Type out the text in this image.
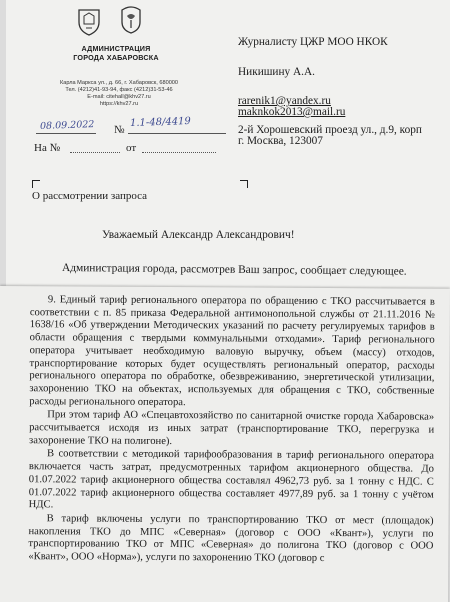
АДМИНИСТРАЦИЯ
ГОРОДА ХАБАРОВСКА
Карла Маркса ул., д. 66, г. Хабаровск, 680000
Тел. (4212)41-93-94, факс (4212)31-53-46
E-mail: citehall@khv27.ru
https://khv27.ru
08.09.2022 №
1.1-48/4419
На №	от
О рассмотрении запроса
Журналисту ЦЖР МОО НКОК
Никишину А.А.
rarenik1@yandex.ru
maknkok2013@mail.ru
2-й Хорошевский проезд ул., д.9, корп
г. Москва, 123007
Уважаемый Александр Александрович!
Администрация города, рассмотрев Ваш запрос, сообщает следующее.

9. Единый тариф регионального оператора по обращению с ТКО рассчитывается в соответствии с п. 85 приказа Федеральной антимонопольной службы от 21.11.2016 № 1638/16 «Об утверждении Методических указаний по расчету регулируемых тарифов в области обращения с твердыми коммунальными отходами». Тариф регионального оператора учитывает необходимую валовую выручку, объем (массу) отходов, транспортирование которых будет осуществлять региональный оператор, расходы регионального оператора по обработке, обезвреживанию, энергетической утилизации, захоронению ТКО на объектах, используемых для обращения с ТКО, собственные расходы регионального оператора.

При этом тариф АО «Спецавтохозяйство по санитарной очистке города Хабаровска» рассчитывается исходя из иных затрат (транспортирование ТКО, перегрузка и захоронение ТКО на полигоне).

В соответствии с методикой тарифообразования в тариф регионального оператора включается часть затрат, предусмотренных тарифом акционерного общества. До 01.07.2022 тариф акционерного общества составлял 4962,73 руб. за 1 тонну с НДС. С 01.07.2022 тариф акционерного общества составляет 4977,89 руб. за 1 тонну с учётом НДС.

В тариф включены услуги по транспортированию ТКО от мест (площадок) накопления ТКО до МПС «Северная» (договор с ООО «Квант»), услуги по транспортированию ТКО от МПС «Северная» до полигона ТКО (договор с ООО «Квант», ООО «Норма»), услуги по захоронению ТКО (договор с
